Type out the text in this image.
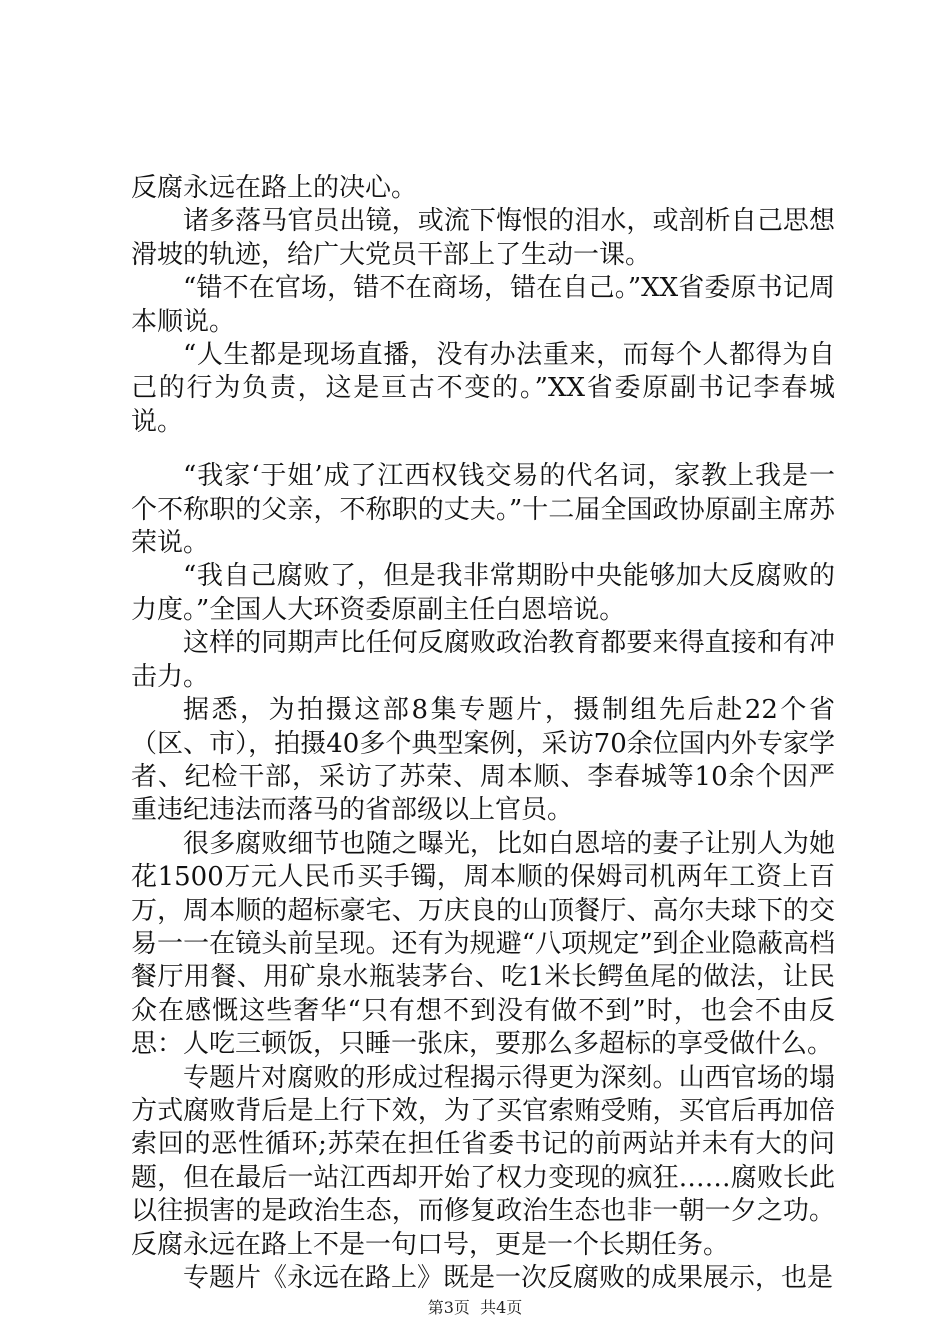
反腐永远在路上的决心。

诸多落马官员出镜，或流下悔恨的泪水，或剖析自己思想滑坡的轨迹，给广大党员干部上了生动一课。

“错不在官场，错不在商场，错在自己。”XX省委原书记周本顺说。

“人生都是现场直播，没有办法重来，而每个人都得为自己的行为负责，这是亘古不变的。”XX省委原副书记李春城说。

“我家‘于姐’成了江西权钱交易的代名词，家教上我是一个不称职的父亲，不称职的丈夫。”十二届全国政协原副主席苏荣说。

“我自己腐败了，但是我非常期盼中央能够加大反腐败的力度。”全国人大环资委原副主任白恩培说。

这样的同期声比任何反腐败政治教育都要来得直接和有冲击力。

据悉，为拍摄这部8集专题片，摄制组先后赴22个省（区、市），拍摄40多个典型案例，采访70余位国内外专家学者、纪检干部，采访了苏荣、周本顺、李春城等10余个因严重违纪违法而落马的省部级以上官员。

很多腐败细节也随之曝光，比如白恩培的妻子让别人为她花1500万元人民币买手镯，周本顺的保姆司机两年工资上百万，周本顺的超标豪宅、万庆良的山顶餐厅、高尔夫球下的交易一一在镜头前呈现。还有为规避“八项规定”到企业隐蔽高档餐厅用餐、用矿泉水瓶装茅台、吃1米长鳄鱼尾的做法，让民众在感慨这些奢华“只有想不到没有做不到”时，也会不由反思：人吃三顿饭，只睡一张床，要那么多超标的享受做什么。

专题片对腐败的形成过程揭示得更为深刻。山西官场的塌方式腐败背后是上行下效，为了买官索贿受贿，买官后再加倍索回的恶性循环;苏荣在担任省委书记的前两站并未有大的问题，但在最后一站江西却开始了权力变现的疯狂……腐败长此以往损害的是政治生态，而修复政治生态也非一朝一夕之功。反腐永远在路上不是一句口号，更是一个长期任务。

专题片《永远在路上》既是一次反腐败的成果展示，也是

第3页  共4页
